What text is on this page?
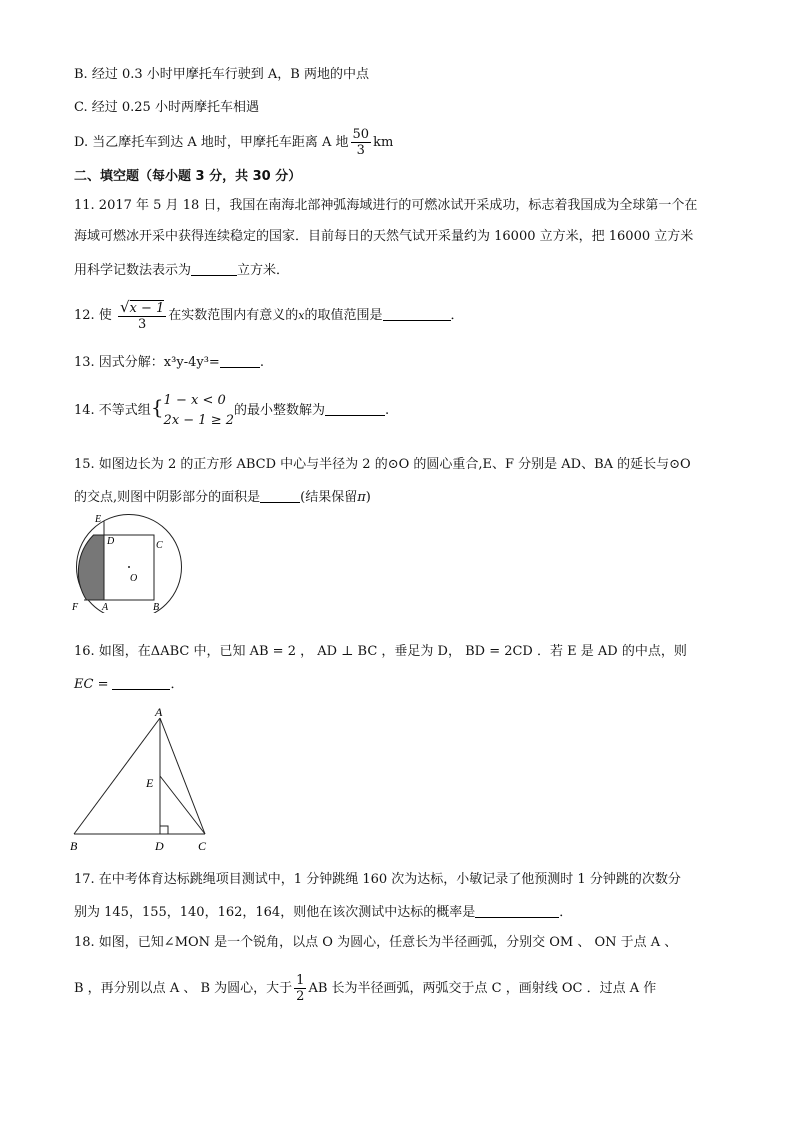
B. 经过 0.3 小时甲摩托车行驶到 A，B 两地的中点
C. 经过 0.25 小时两摩托车相遇
D. 当乙摩托车到达 A 地时，甲摩托车距离 A 地 $\frac{50}{3}$ km
二、填空题（每小题 3 分，共 30 分）
11. 2017 年 5 月 18 日，我国在南海北部神弧海域进行的可燃冰试开采成功，标志着我国成为全球第一个在
海域可燃冰开采中获得连续稳定的国家．目前每日的天然气试开采量约为 16000 立方米，把 16000 立方米
用科学记数法表示为	立方米．
12. 使 $\frac{√x - 1}{3}$ 在实数范围内有意义的x的取值范围是	．
13. 因式分解：x³y-4y³=	.
14. 不等式组{ 1 − x < 0
2x − 1 ≥ 2
的最小整数解为	.
15. 如图边长为 2 的正方形 ABCD 中心与半径为 2 的⊙O 的圆心重合,E、F 分别是 AD、BA 的延长与⊙O
的交点,则图中阴影部分的面积是	(结果保留π)
E
D	C
O
F A	B
16. 如图，在ΔABC 中，已知 AB = 2 ， AD ⊥ BC ，垂足为 D， BD = 2CD ．若 E 是 AD 的中点，则
EC =	．
A
E
B	D	C
17. 在中考体育达标跳绳项目测试中，1 分钟跳绳 160 次为达标，小敏记录了他预测时 1 分钟跳的次数分
别为 145，155，140，162，164，则他在该次测试中达标的概率是	．
18. 如图，已知∠MON 是一个锐角，以点 O 为圆心，任意长为半径画弧，分别交 OM 、 ON 于点 A 、
B ，再分别以点 A 、 B 为圆心，大于 $\frac{1}{2}$ AB 长为半径画弧，两弧交于点 C ，画射线 OC ．过点 A 作
